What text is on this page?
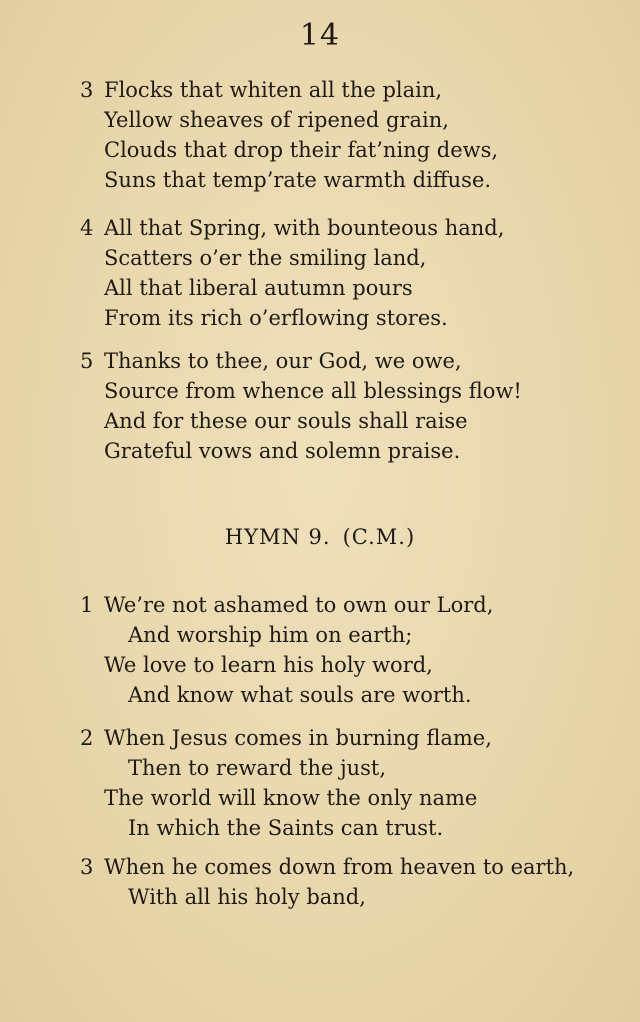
14
3 Flocks that whiten all the plain,
Yellow sheaves of ripened grain,
Clouds that drop their fat’ning dews,
Suns that temp’rate warmth diffuse.
4 All that Spring, with bounteous hand,
Scatters o’er the smiling land,
All that liberal autumn pours
From its rich o’erflowing stores.
5 Thanks to thee, our God, we owe,
Source from whence all blessings flow!
And for these our souls shall raise
Grateful vows and solemn praise.
HYMN 9. (C.M.)
1 We’re not ashamed to own our Lord,
And worship him on earth;
We love to learn his holy word,
And know what souls are worth.
2 When Jesus comes in burning flame,
Then to reward the just,
The world will know the only name
In which the Saints can trust.
3 When he comes down from heaven to earth,
With all his holy band,
